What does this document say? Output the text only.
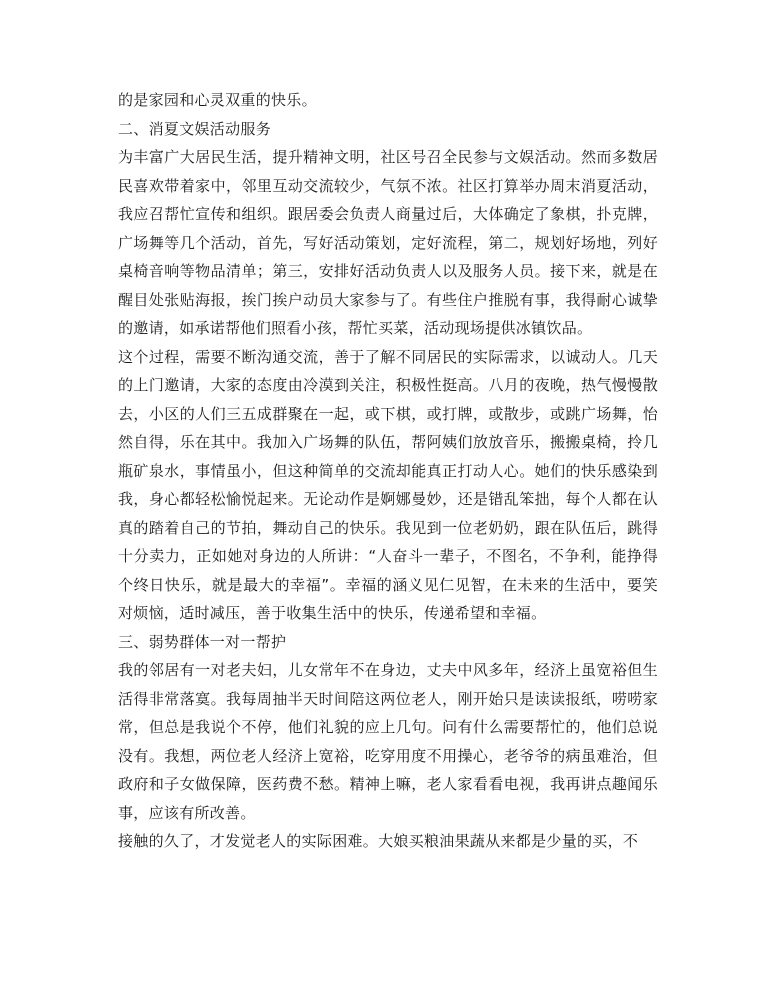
的是家园和心灵双重的快乐。

二、消夏文娱活动服务

为丰富广大居民生活，提升精神文明，社区号召全民参与文娱活动。然而多数居民喜欢带着家中，邻里互动交流较少，气氛不浓。社区打算举办周末消夏活动，我应召帮忙宣传和组织。跟居委会负责人商量过后，大体确定了象棋，扑克牌，广场舞等几个活动，首先，写好活动策划，定好流程，第二，规划好场地，列好桌椅音响等物品清单；第三，安排好活动负责人以及服务人员。接下来，就是在醒目处张贴海报，挨门挨户动员大家参与了。有些住户推脱有事，我得耐心诚挚的邀请，如承诺帮他们照看小孩，帮忙买菜，活动现场提供冰镇饮品。

这个过程，需要不断沟通交流，善于了解不同居民的实际需求，以诚动人。几天的上门邀请，大家的态度由冷漠到关注，积极性挺高。八月的夜晚，热气慢慢散去，小区的人们三五成群聚在一起，或下棋，或打牌，或散步，或跳广场舞，怡然自得，乐在其中。我加入广场舞的队伍，帮阿姨们放放音乐，搬搬桌椅，拎几瓶矿泉水，事情虽小，但这种简单的交流却能真正打动人心。她们的快乐感染到我，身心都轻松愉悦起来。无论动作是婀娜曼妙，还是错乱笨拙，每个人都在认真的踏着自己的节拍，舞动自己的快乐。我见到一位老奶奶，跟在队伍后，跳得十分卖力，正如她对身边的人所讲：“人奋斗一辈子，不图名，不争利，能挣得个终日快乐，就是最大的幸福”。幸福的涵义见仁见智，在未来的生活中，要笑对烦恼，适时减压，善于收集生活中的快乐，传递希望和幸福。

三、弱势群体一对一帮护

我的邻居有一对老夫妇，儿女常年不在身边，丈夫中风多年，经济上虽宽裕但生活得非常落寞。我每周抽半天时间陪这两位老人，刚开始只是读读报纸，唠唠家常，但总是我说个不停，他们礼貌的应上几句。问有什么需要帮忙的，他们总说没有。我想，两位老人经济上宽裕，吃穿用度不用操心，老爷爷的病虽难治，但政府和子女做保障，医药费不愁。精神上嘛，老人家看看电视，我再讲点趣闻乐事，应该有所改善。

接触的久了，才发觉老人的实际困难。大娘买粮油果蔬从来都是少量的买，不
